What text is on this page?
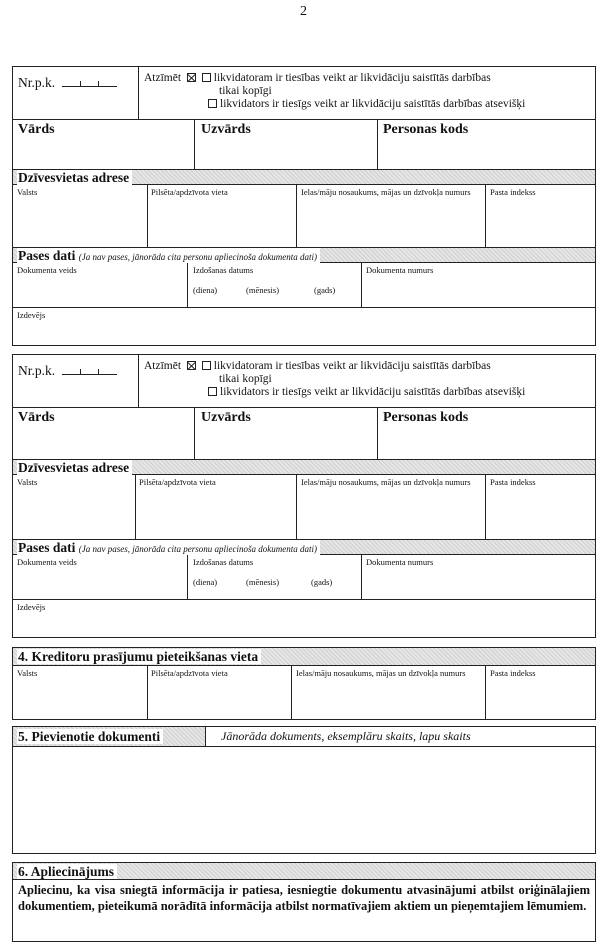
2
Nr.p.k.	Atzīmēt	likvidatoram ir tiesības veikt ar likvidāciju saistītās darbības
tikai kopīgi
likvidators ir tiesīgs veikt ar likvidāciju saistītās darbības atsevišķi
Vārds	Uzvārds	Personas kods
Dzīvesvietas adrese
Valsts	Pilsēta/apdzīvota vieta	Ielas/māju nosaukums, mājas un dzīvokļa numurs	Pasta indekss
Pases dati (Ja nav pases, jānorāda cita personu apliecinoša dokumenta dati)
Dokumenta veids	Izdošanas datums
(diena)	(mēnesis)	(gads)
Dokumenta numurs
Izdevējs
Nr.p.k.	Atzīmēt	likvidatoram ir tiesības veikt ar likvidāciju saistītās darbības
tikai kopīgi
likvidators ir tiesīgs veikt ar likvidāciju saistītās darbības atsevišķi
Vārds	Uzvārds	Personas kods
Dzīvesvietas adrese
Valsts	Pilsēta/apdzīvota vieta	Ielas/māju nosaukums, mājas un dzīvokļa numurs	Pasta indekss
Pases dati (Ja nav pases, jānorāda cita personu apliecinoša dokumenta dati)
Dokumenta veids	Izdošanas datums
(diena)	(mēnesis)	(gads)
Dokumenta numurs
Izdevējs
4. Kreditoru prasījumu pieteikšanas vieta
Valsts	Pilsēta/apdzīvota vieta	Ielas/māju nosaukums, mājas un dzīvokļa numurs	Pasta indekss
5. Pievienotie dokumenti	Jānorāda dokuments, eksemplāru skaits, lapu skaits
6. Apliecinājums
Apliecinu, ka visa sniegtā informācija ir patiesa, iesniegtie dokumentu atvasinājumi atbilst oriģinālajiem dokumentiem, pieteikumā norādītā informācija atbilst normatīvajiem aktiem un pieņemtajiem lēmumiem.
